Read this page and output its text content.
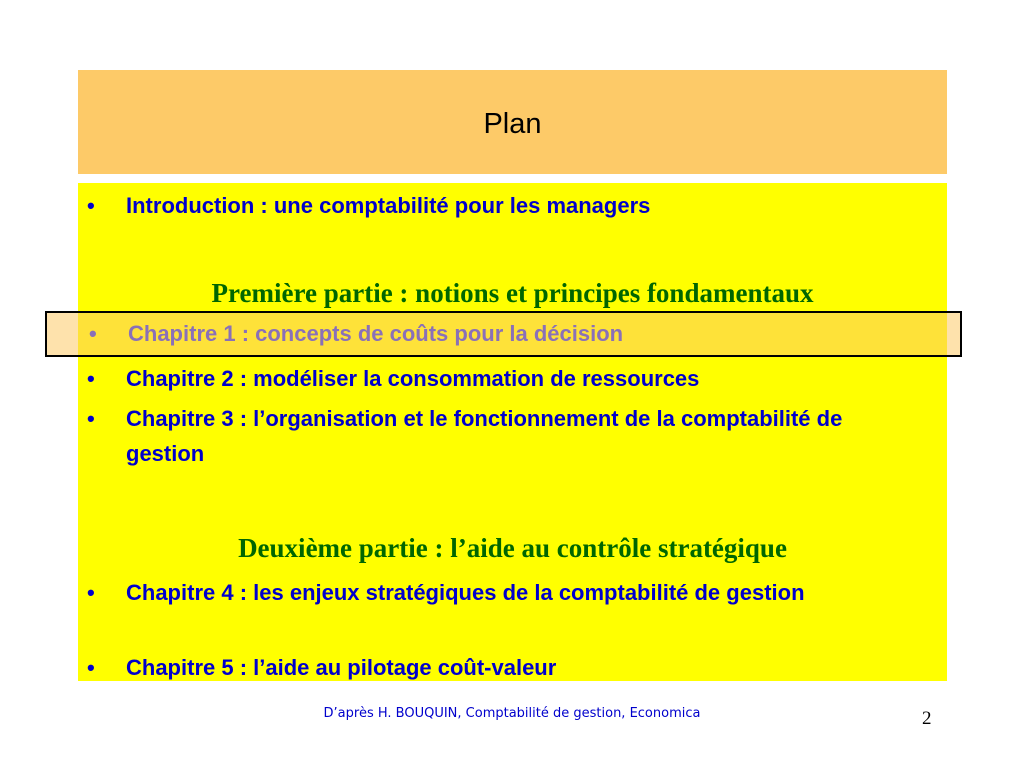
Plan
• Introduction : une comptabilité pour les managers
Première partie : notions et principes fondamentaux
• Chapitre 2 : modéliser la consommation de ressources
• Chapitre 3 : l’organisation et le fonctionnement de la comptabilité de gestion
Deuxième partie : l’aide au contrôle stratégique
• Chapitre 4 : les enjeux stratégiques de la comptabilité de gestion
• Chapitre 5 : l’aide au pilotage coût-valeur
• Chapitre 1 : concepts de coûts pour la décision
D’après H. BOUQUIN, Comptabilité de gestion, Economica	2
